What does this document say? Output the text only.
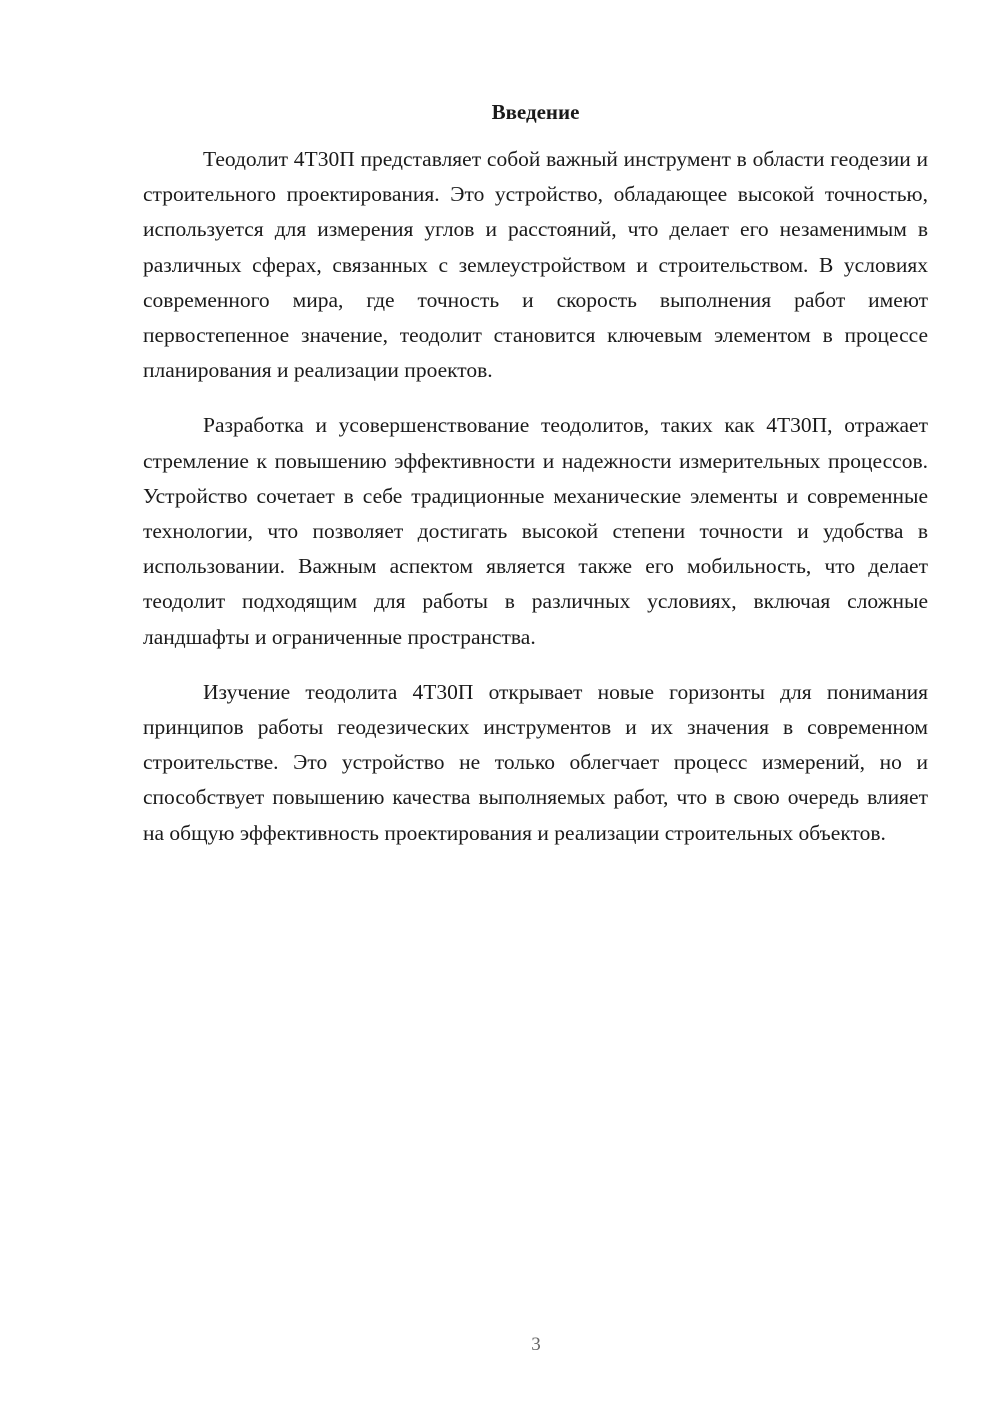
Введение

Теодолит 4Т30П представляет собой важный инструмент в области геодезии и строительного проектирования. Это устройство, обладающее высокой точностью, используется для измерения углов и расстояний, что делает его незаменимым в различных сферах, связанных с землеустройством и строительством. В условиях современного мира, где точность и скорость выполнения работ имеют первостепенное значение, теодолит становится ключевым элементом в процессе планирования и реализации проектов.

Разработка и усовершенствование теодолитов, таких как 4Т30П, отражает стремление к повышению эффективности и надежности измерительных процессов. Устройство сочетает в себе традиционные механические элементы и современные технологии, что позволяет достигать высокой степени точности и удобства в использовании. Важным аспектом является также его мобильность, что делает теодолит подходящим для работы в различных условиях, включая сложные ландшафты и ограниченные пространства.

Изучение теодолита 4Т30П открывает новые горизонты для понимания принципов работы геодезических инструментов и их значения в современном строительстве. Это устройство не только облегчает процесс измерений, но и способствует повышению качества выполняемых работ, что в свою очередь влияет на общую эффективность проектирования и реализации строительных объектов.

3
